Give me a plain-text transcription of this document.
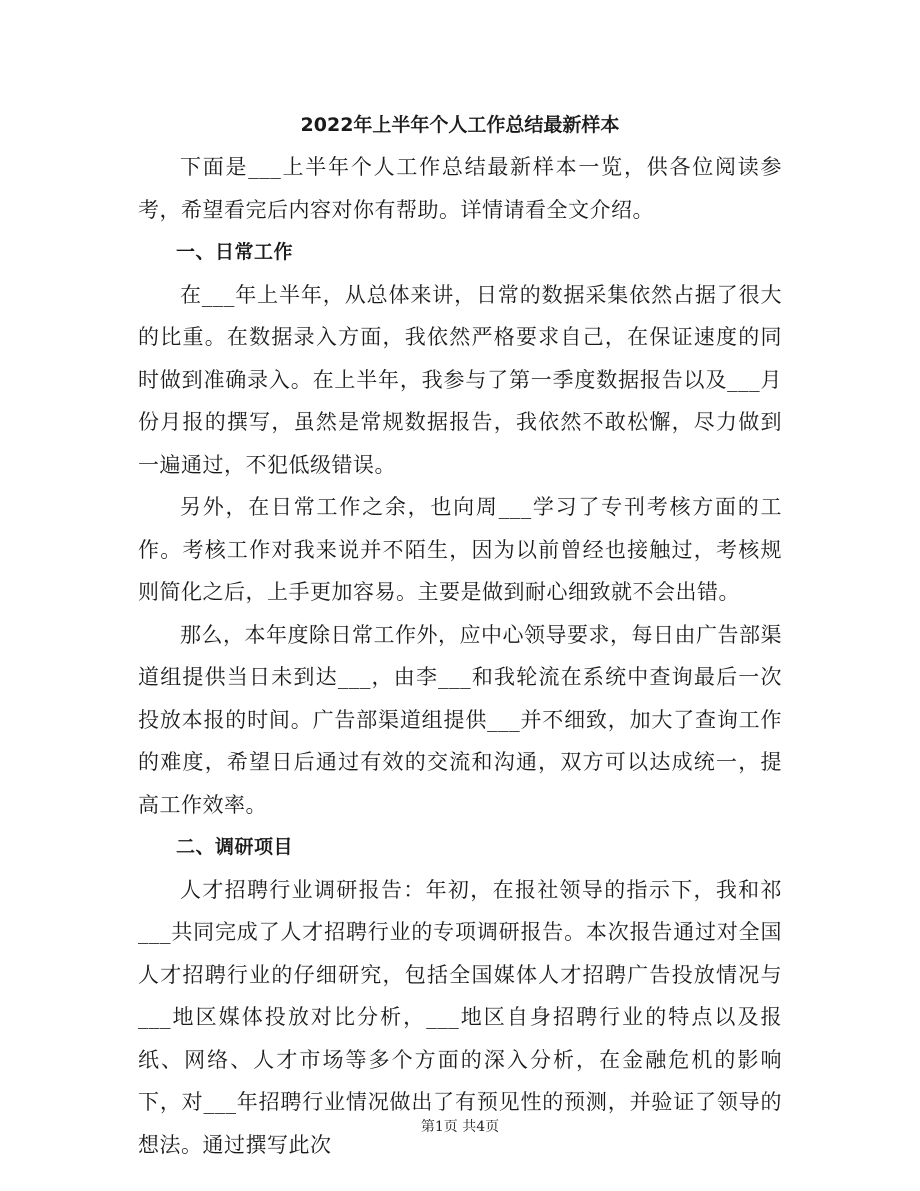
2022年上半年个人工作总结最新样本

下面是___上半年个人工作总结最新样本一览，供各位阅读参考，希望看完后内容对你有帮助。详情请看全文介绍。

一、日常工作

在___年上半年，从总体来讲，日常的数据采集依然占据了很大的比重。在数据录入方面，我依然严格要求自己，在保证速度的同时做到准确录入。在上半年，我参与了第一季度数据报告以及___月份月报的撰写，虽然是常规数据报告，我依然不敢松懈，尽力做到一遍通过，不犯低级错误。

另外，在日常工作之余，也向周___学习了专刊考核方面的工作。考核工作对我来说并不陌生，因为以前曾经也接触过，考核规则简化之后，上手更加容易。主要是做到耐心细致就不会出错。

那么，本年度除日常工作外，应中心领导要求，每日由广告部渠道组提供当日未到达___，由李___和我轮流在系统中查询最后一次投放本报的时间。广告部渠道组提供___并不细致，加大了查询工作的难度，希望日后通过有效的交流和沟通，双方可以达成统一，提高工作效率。

二、调研项目

人才招聘行业调研报告：年初，在报社领导的指示下，我和祁___共同完成了人才招聘行业的专项调研报告。本次报告通过对全国人才招聘行业的仔细研究，包括全国媒体人才招聘广告投放情况与___地区媒体投放对比分析，___地区自身招聘行业的特点以及报纸、网络、人才市场等多个方面的深入分析，在金融危机的影响下，对___年招聘行业情况做出了有预见性的预测，并验证了领导的想法。通过撰写此次

第1页 共4页
